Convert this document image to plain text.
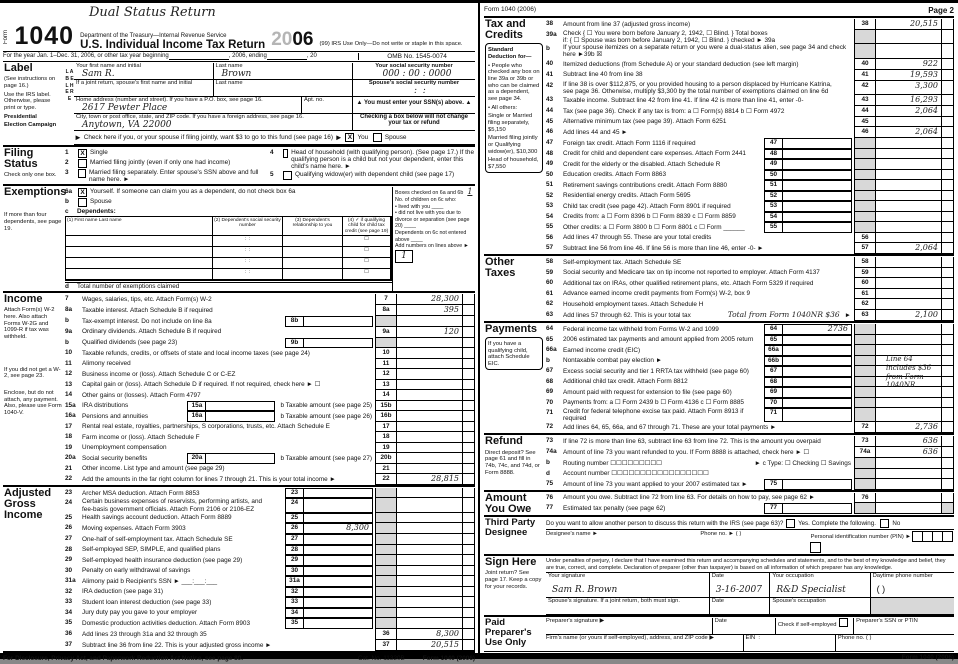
Dual Status Return
Form 1040 Department of the Treasury—Internal Revenue Service
U.S. Individual Income Tax Return 2006 (99) IRS Use Only—Do not write or staple in this space.
For the year Jan. 1–Dec. 31, 2006, or other tax year beginning	, 2006, ending	, 20	OMB No. 1545-0074
Label

(See instructions on page 16.)

Use the IRS label. Otherwise, please print or type.

Presidential

Election Campaign

L A B E L H E R E
Your first name and initial
Sam R.
Last name
Brown
Your social security number
000 : 00 : 0000
If a joint return, spouse's first name and initial	Last name	Spouse's social security number
:  :
Home address (number and street). If you have a P.O. box, see page 16.
2617 Pewter Place
Apt. no.	▲ You must enter your SSN(s) above. ▲
City, town or post office, state, and ZIP code. If you have a foreign address, see page 16.
Anytown, VA 22000
Checking a box below will not change your tax or refund
►
Check here if you, or your spouse if filing jointly, want $3 to go to this fund (see page 16)
►
X You
	Spouse
Filing Status

Check only one box.

1	X Single
2	Married filing jointly (even if only one had income)
3	Married filing separately. Enter spouse's SSN above and full name here. ►
4	Head of household (with qualifying person). (See page 17.) If the qualifying person is a child but not your dependent, enter this child's name here. ►
5	Qualifying widow(er) with dependent child (see page 17)
Exemptions

If more than four dependents, see page 19.

6a	X Yourself. If someone can claim you as a dependent, do not check box 6a
b	Spouse
c	Dependents:
(1) First name Last name	(2) Dependent's social security number
(3) Dependent's relationship to you
(4) ✓ if qualifying child for child tax credit (see page 19)

:  :
	☐

:  :
	☐

:  :
	☐

:  :
	☐
d	Total number of exemptions claimed
Boxes checked on 6a and 6b 1
No. of children on 6c who:
• lived with you ____
• did not live with you due to divorce or separation (see page 20) ____
Dependents on 6c not entered above ____
Add numbers on lines above ► 1
Income

Attach Form(s) W-2 here. Also attach Forms W-2G and 1099-R if tax was withheld.

If you did not get a W-2, see page 23.

Enclose, but do not attach, any payment. Also, please use Form 1040-V.

7	Wages, salaries, tips, etc. Attach Form(s) W-2	7	28,300
8a	Taxable interest. Attach Schedule B if required	8a	395
b	Tax-exempt interest. Do not include on line 8a	8b
9a	Ordinary dividends. Attach Schedule B if required	9a	120
b	Qualified dividends (see page 23)	9b
10	Taxable refunds, credits, or offsets of state and local income taxes (see page 24)	10
11	Alimony received	11
12	Business income or (loss). Attach Schedule C or C-EZ	12
13	Capital gain or (loss). Attach Schedule D if required. If not required, check here ► ☐	13
14	Other gains or (losses). Attach Form 4797	14
15a IRA distributions	15a	b Taxable amount (see page 25)	15b
16a Pensions and annuities	16a	b Taxable amount (see page 26)	16b
17	Rental real estate, royalties, partnerships, S corporations, trusts, etc. Attach Schedule E	17
18	Farm income or (loss). Attach Schedule F	18
19	Unemployment compensation	19
20a Social security benefits	20a	b Taxable amount (see page 27)	20b
21	Other income. List type and amount (see page 29)	21
22	Add the amounts in the far right column for lines 7 through 21. This is your total income ►	22	28,815
Adjusted Gross Income
23	Archer MSA deduction. Attach Form 8853	23
24	Certain business expenses of reservists, performing artists, and
fee-basis government officials. Attach Form 2106 or 2106-EZ
24
25	Health savings account deduction. Attach Form 8889	25
26	Moving expenses. Attach Form 3903	26	8,300
27	One-half of self-employment tax. Attach Schedule SE	27
28	Self-employed SEP, SIMPLE, and qualified plans	28
29	Self-employed health insurance deduction (see page 29)	29
30	Penalty on early withdrawal of savings	30
31a Alimony paid b Recipient's SSN ► ___:___:___	31a
32	IRA deduction (see page 31)	32
33	Student loan interest deduction (see page 33)	33
34	Jury duty pay you gave to your employer	34
35	Domestic production activities deduction. Attach Form 8903	35
36	Add lines 23 through 31a and 32 through 35	36	8,300
37	Subtract line 36 from line 22. This is your adjusted gross income ►	37	20,515
For Disclosure, Privacy Act, and Paperwork Reduction Act Notice, see page 80.	Cat. No. 11320B	Form 1040 (2006)
Form 1040 (2006)	Page 2
Tax and Credits

Standard Deduction for—

• People who checked any box on line 39a or 39b or who can be claimed as a dependent, see page 34.

• All others:

Single or Married filing separately, $5,150

Married filing jointly or Qualifying widow(er), $10,300

Head of household, $7,550

38	Amount from line 37 (adjusted gross income)	38	20,515
39a Check { ☐ You were born before January 2, 1942, ☐ Blind. } Total boxes
if: { ☐ Spouse was born before January 2, 1942, ☐ Blind. } checked ► 39a
b	If your spouse itemizes on a separate return or you were a dual-status alien, see page 34 and check here ►39b ☒
40	Itemized deductions (from Schedule A) or your standard deduction (see left margin)	40	922
41	Subtract line 40 from line 38	41	19,593
42	If line 38 is over $112,875, or you provided housing to a person displaced by Hurricane Katrina,
see page 36. Otherwise, multiply $3,300 by the total number of exemptions claimed on line 6d
42	3,300
43	Taxable income. Subtract line 42 from line 41. If line 42 is more than line 41, enter -0-	43	16,293
44	Tax (see page 36). Check if any tax is from: a ☐ Form(s) 8814 b ☐ Form 4972	44	2,064
45	Alternative minimum tax (see page 39). Attach Form 6251	45
46	Add lines 44 and 45 ►	46	2,064
47	Foreign tax credit. Attach Form 1116 if required	47
48	Credit for child and dependent care expenses. Attach Form 2441	48
49	Credit for the elderly or the disabled. Attach Schedule R	49
50	Education credits. Attach Form 8863	50
51	Retirement savings contributions credit. Attach Form 8880	51
52	Residential energy credits. Attach Form 5695	52
53	Child tax credit (see page 42). Attach Form 8901 if required	53
54	Credits from: a ☐ Form 8396 b ☐ Form 8839 c ☐ Form 8859	54
55	Other credits: a ☐ Form 3800 b ☐ Form 8801 c ☐ Form ______	55
56	Add lines 47 through 55. These are your total credits	56
57	Subtract line 56 from line 46. If line 56 is more than line 46, enter -0- ►	57	2,064
Other Taxes
58	Self-employment tax. Attach Schedule SE	58
59	Social security and Medicare tax on tip income not reported to employer. Attach Form 4137	59
60	Additional tax on IRAs, other qualified retirement plans, etc. Attach Form 5329 if required	60
61	Advance earned income credit payments from Form(s) W-2, box 9	61
62	Household employment taxes. Attach Schedule H	62
63	Add lines 57 through 62. This is your total tax	Total from Form 1040NR $36 ►	63	2,100
Payments

If you have a qualifying child, attach Schedule EIC.

64	Federal income tax withheld from Forms W-2 and 1099	64	2736
65	2006 estimated tax payments and amount applied from 2005 return	65
66a Earned income credit (EIC)	66a
b	Nontaxable combat pay election ►	66b
67	Excess social security and tier 1 RRTA tax withheld (see page 60)	67
68	Additional child tax credit. Attach Form 8812	68
69	Amount paid with request for extension to file (see page 60)	69
70	Payments from: a ☐ Form 2439 b ☐ Form 4136 c ☐ Form 8885	70
71	Credit for federal telephone excise tax paid. Attach Form 8913 if required
71
72	Add lines 64, 65, 66a, and 67 through 71. These are your total payments ►	72	2,736
Line 64 includes $36 from Form 1040NR
Refund

Direct deposit? See page 61 and fill in 74b, 74c, and 74d, or Form 8888.

73	If line 72 is more than line 63, subtract line 63 from line 72. This is the amount you overpaid	73	636
74a Amount of line 73 you want refunded to you. If Form 8888 is attached, check here ► ☐	74a	636
b	Routing number ☐☐☐☐☐☐☐☐☐	► c Type: ☐ Checking ☐ Savings
d	Account number ☐☐☐☐☐☐☐☐☐☐☐☐☐☐☐☐☐
75	Amount of line 73 you want applied to your 2007 estimated tax ►	75
Amount You Owe
76	Amount you owe. Subtract line 72 from line 63. For details on how to pay, see page 62 ►	76
77	Estimated tax penalty (see page 62)	77
Third Party Designee
Do you want to allow another person to discuss this return with the IRS (see page 63)?
Yes. Complete the following.
	No
Designee's name ►	Phone no. ► ( )
Personal identification number (PIN) ►
Sign Here

Joint return? See page 17. Keep a copy for your records.

Under penalties of perjury, I declare that I have examined this return and accompanying schedules and statements, and to the best of my knowledge and belief, they are true, correct, and complete. Declaration of preparer (other than taxpayer) is based on all information of which preparer has any knowledge.
Your signature
Sam R. Brown
Date
3-16-2007
Your occupation
R&D Specialist
Daytime phone number
( )
Spouse's signature. If a joint return, both must sign.	Date	Spouse's occupation
Paid Preparer's Use Only
Preparer's signature ▶	Date
Check if self-employed
Preparer's SSN or PTIN
Firm's name (or yours if self-employed), address, and ZIP code ▶	EIN  :	Phone no. ( )
Form 1040 (2006)
